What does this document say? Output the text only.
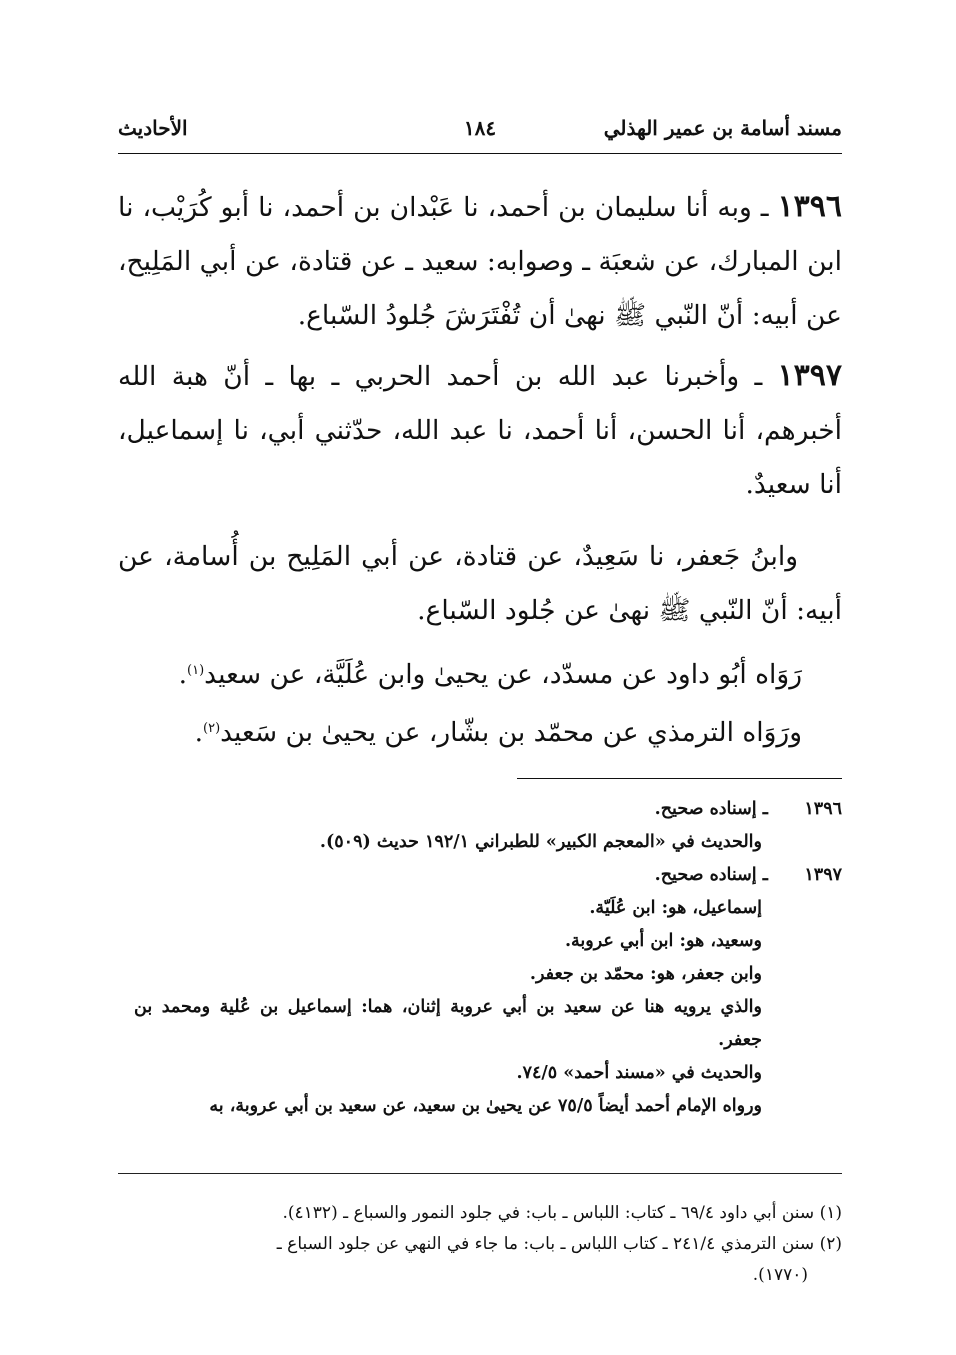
مسند أسامة بن عمير الهذلي
١٨٤
الأحاديث

١٣٩٦ ـ وبه أنا سليمان بن أحمد، نا عَبْدان بن أحمد، نا أبو كُرَيْب، نا ابن المبارك، عن شعبَة ـ وصوابه: سعيد ـ عن قتادة، عن أبي المَلِيح، عن أبيه: أنّ النّبي ﷺ نهىٰ أن تُفْتَرَشَ جُلودُ السّباع.

١٣٩٧ ـ وأخبرنا عبد الله بن أحمد الحربي ـ بها ـ أنّ هبة الله أخبرهم، أنا الحسن، أنا أحمد، نا عبد الله، حدّثني أبي، نا إسماعيل، أنا سعيدٌ.

وابنُ جَعفر، نا سَعِيدٌ، عن قتادة، عن أبي المَلِيح بن أُسامة، عن أبيه: أنّ النّبي ﷺ نهىٰ عن جُلود السّباع.

رَوَاه أبُو داود عن مسدّد، عن يحيىٰ وابن عُلَيَّة، عن سعيد$^{(١)}$.

ورَوَاه الترمذي عن محمّد بن بشّار، عن يحيىٰ بن سَعيد$^{(٢)}$.

١٣٩٦ ـ إسناده صحيح.

والحديث في «المعجم الكبير» للطبراني ١٩٢/١ حديث (٥٠٩).

١٣٩٧ ـ إسناده صحيح.

إسماعيل، هو: ابن عُلَيّة.

وسعيد، هو: ابن أبي عروبة.

وابن جعفر، هو: محمّد بن جعفر.

والذي يرويه هنا عن سعيد بن أبي عروبة إثنان، هما: إسماعيل بن عُلية ومحمد بن جعفر.

والحديث في «مسند أحمد» ٧٤/٥.

ورواه الإمام أحمد أيضاً ٧٥/٥ عن يحيىٰ بن سعيد، عن سعيد بن أبي عروبة، به

(١) سنن أبي داود ٦٩/٤ ـ كتاب: اللباس ـ باب: في جلود النمور والسباع ـ (٤١٣٢).

(٢) سنن الترمذي ٢٤١/٤ ـ كتاب اللباس ـ باب: ما جاء في النهي عن جلود السباع ـ

(١٧٧٠).
